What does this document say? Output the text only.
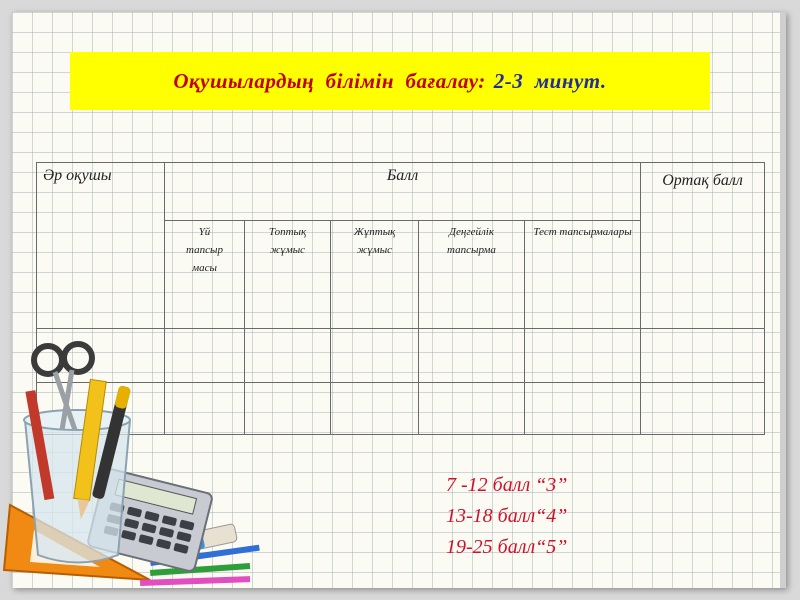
Оқушылардың  білімін  бағалау: 2-3  минут.
Әр оқушы	Балл					Ортақ балл
	Үй тапсыр масы	Топтық жұмыс	Жұптық жұмыс	Деңгейлік тапсырма	Тест тапсырмалары	

7 -12 балл “3”
13-18 балл“4”
19-25 балл“5”
